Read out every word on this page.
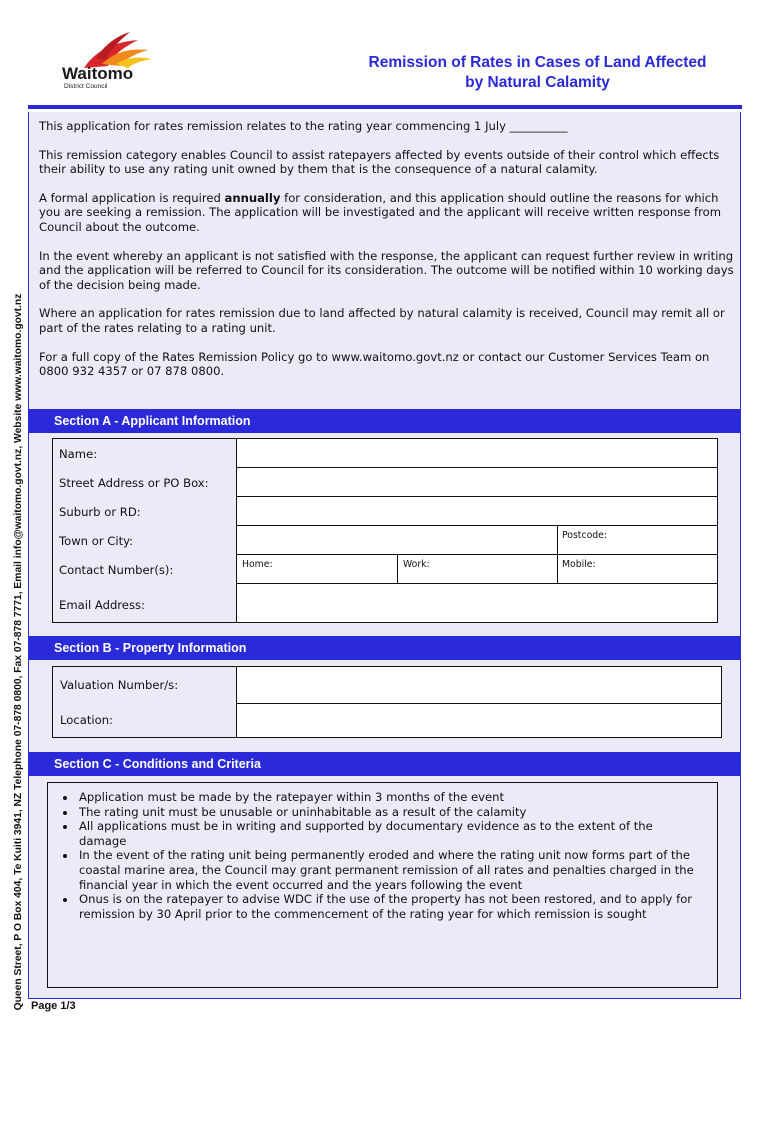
Waitomo
District Council
Remission of Rates in Cases of Land Affected
by Natural Calamity
Queen Street, P O Box 404, Te Kuiti 3941, NZ Telephone 07-878 0800, Fax 07-878 7771, Email info@waitomo.govt.nz, Website www.waitomo.govt.nz

This application for rates remission relates to the rating year commencing 1 July __________

This remission category enables Council to assist ratepayers affected by events outside of their control which effects their ability to use any rating unit owned by them that is the consequence of a natural calamity.

A formal application is required annually for consideration, and this application should outline the reasons for which you are seeking a remission. The application will be investigated and the applicant will receive written response from Council about the outcome.

In the event whereby an applicant is not satisfied with the response, the applicant can request further review in writing and the application will be referred to Council for its consideration. The outcome will be notified within 10 working days of the decision being made.

Where an application for rates remission due to land affected by natural calamity is received, Council may remit all or part of the rates relating to a rating unit.

For a full copy of the Rates Remission Policy go to www.waitomo.govt.nz or contact our Customer Services Team on 0800 932 4357 or 07 878 0800.

Section A - Applicant Information
Name:
Street Address or PO Box:
Suburb or RD:
Town or City:	Postcode:
Contact Number(s):	Home:	Work:	Mobile:
Email Address:
Section B - Property Information
Valuation Number/s:
Location:
Section C - Conditions and Criteria
• Application must be made by the ratepayer within 3 months of the event
• The rating unit must be unusable or uninhabitable as a result of the calamity
• All applications must be in writing and supported by documentary evidence as to the extent of the damage
• In the event of the rating unit being permanently eroded and where the rating unit now forms part of the coastal marine area, the Council may grant permanent remission of all rates and penalties charged in the financial year in which the event occurred and the years following the event
• Onus is on the ratepayer to advise WDC if the use of the property has not been restored, and to apply for remission by 30 April prior to the commencement of the rating year for which remission is sought
Page 1/3
